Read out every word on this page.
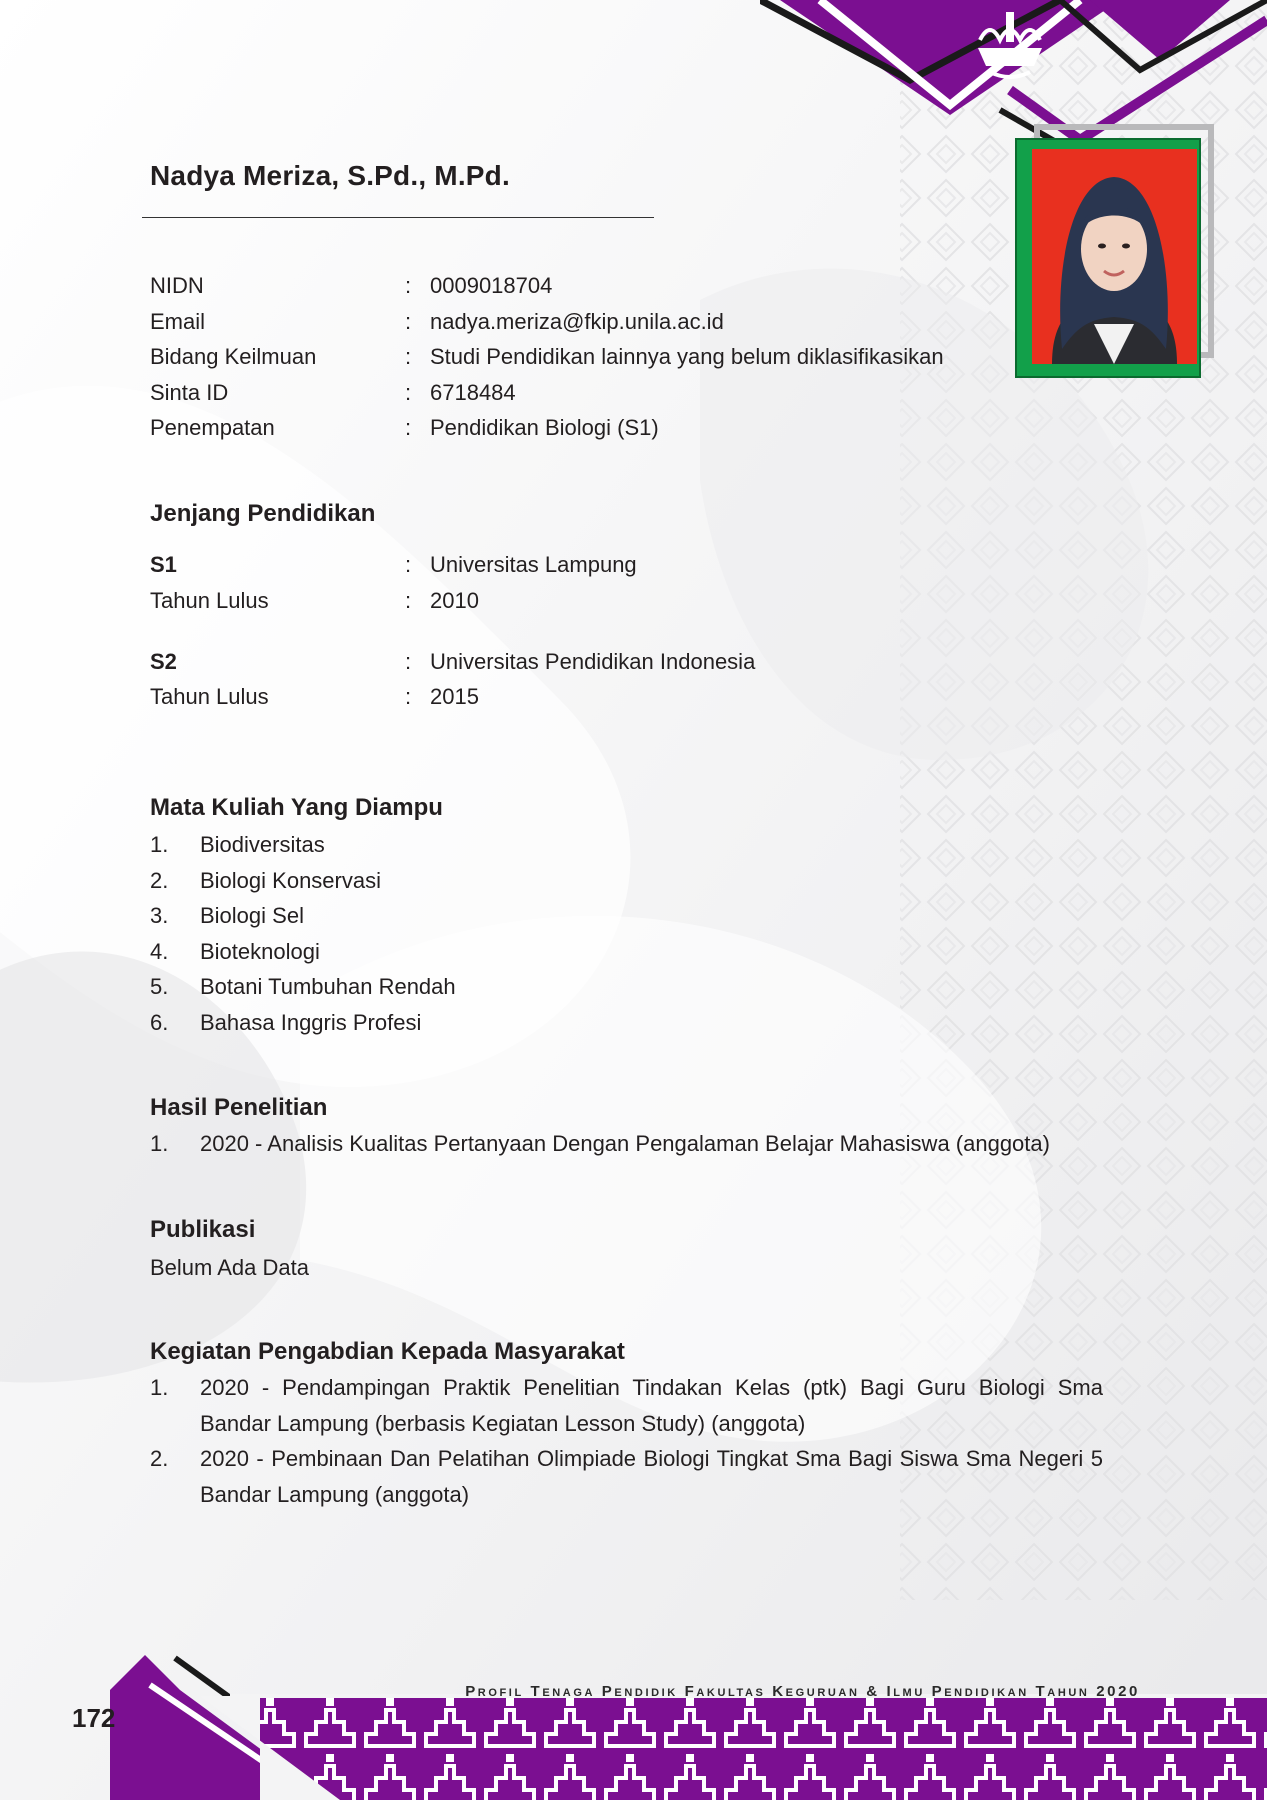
Nadya Meriza, S.Pd., M.Pd.
NIDN	: 0009018704
Email	: nadya.meriza@fkip.unila.ac.id
Bidang Keilmuan	: Studi Pendidikan lainnya yang belum diklasifikasikan
Sinta ID	: 6718484
Penempatan	: Pendidikan Biologi (S1)
Jenjang Pendidikan
S1	: Universitas Lampung
Tahun Lulus	: 2010
S2	: Universitas Pendidikan Indonesia
Tahun Lulus	: 2015
Mata Kuliah Yang Diampu
1. Biodiversitas
2. Biologi Konservasi
3. Biologi Sel
4. Bioteknologi
5. Botani Tumbuhan Rendah
6. Bahasa Inggris Profesi
Hasil Penelitian
1. 2020 - Analisis Kualitas Pertanyaan Dengan Pengalaman Belajar Mahasiswa (anggota)
Publikasi
Belum Ada Data
Kegiatan Pengabdian Kepada Masyarakat
1. 2020 - Pendampingan Praktik Penelitian Tindakan Kelas (ptk) Bagi Guru Biologi Sma Bandar Lampung (berbasis Kegiatan Lesson Study) (anggota)
2. 2020 - Pembinaan Dan Pelatihan Olimpiade Biologi Tingkat Sma Bagi Siswa Sma Negeri 5 Bandar Lampung (anggota)
172
Profil Tenaga Pendidik Fakultas Keguruan & Ilmu Pendidikan Tahun 2020
